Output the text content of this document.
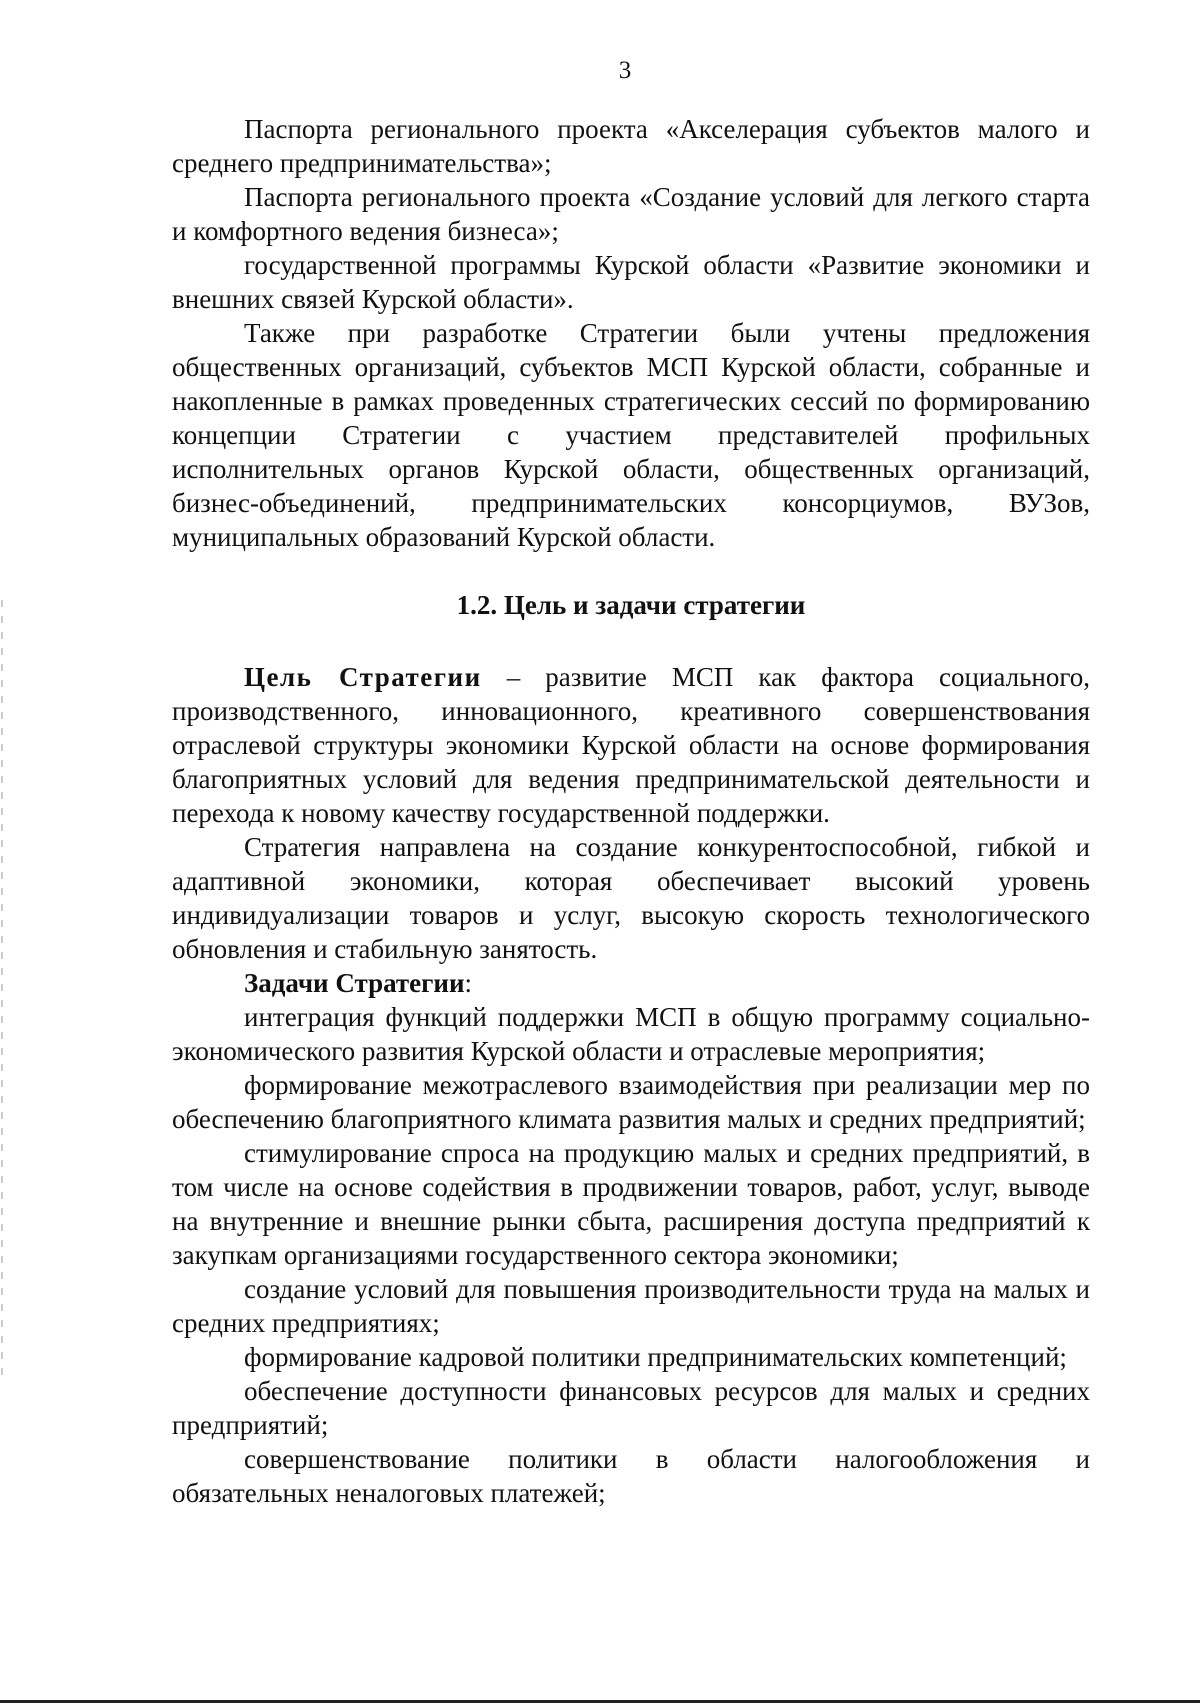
3

Паспорта регионального проекта «Акселерация субъектов малого и среднего предпринимательства»;

Паспорта регионального проекта «Создание условий для легкого старта и комфортного ведения бизнеса»;

государственной программы Курской области «Развитие экономики и внешних связей Курской области».

Также при разработке Стратегии были учтены предложения общественных организаций, субъектов МСП Курской области, собранные и накопленные в рамках проведенных стратегических сессий по формированию концепции Стратегии с участием представителей профильных исполнительных органов Курской области, общественных организаций, бизнес-объединений, предпринимательских консорциумов, ВУЗов, муниципальных образований Курской области.

1.2. Цель и задачи стратегии

Цель Стратегии – развитие МСП как фактора социального, производственного, инновационного, креативного совершенствования отраслевой структуры экономики Курской области на основе формирования благоприятных условий для ведения предпринимательской деятельности и перехода к новому качеству государственной поддержки.

Стратегия направлена на создание конкурентоспособной, гибкой и адаптивной экономики, которая обеспечивает высокий уровень индивидуализации товаров и услуг, высокую скорость технологического обновления и стабильную занятость.

Задачи Стратегии:

интеграция функций поддержки МСП в общую программу социально-экономического развития Курской области и отраслевые мероприятия;

формирование межотраслевого взаимодействия при реализации мер по обеспечению благоприятного климата развития малых и средних предприятий;

стимулирование спроса на продукцию малых и средних предприятий, в том числе на основе содействия в продвижении товаров, работ, услуг, выводе на внутренние и внешние рынки сбыта, расширения доступа предприятий к закупкам организациями государственного сектора экономики;

создание условий для повышения производительности труда на малых и средних предприятиях;

формирование кадровой политики предпринимательских компетенций;

обеспечение доступности финансовых ресурсов для малых и средних предприятий;

совершенствование политики в области налогообложения и обязательных неналоговых платежей;
